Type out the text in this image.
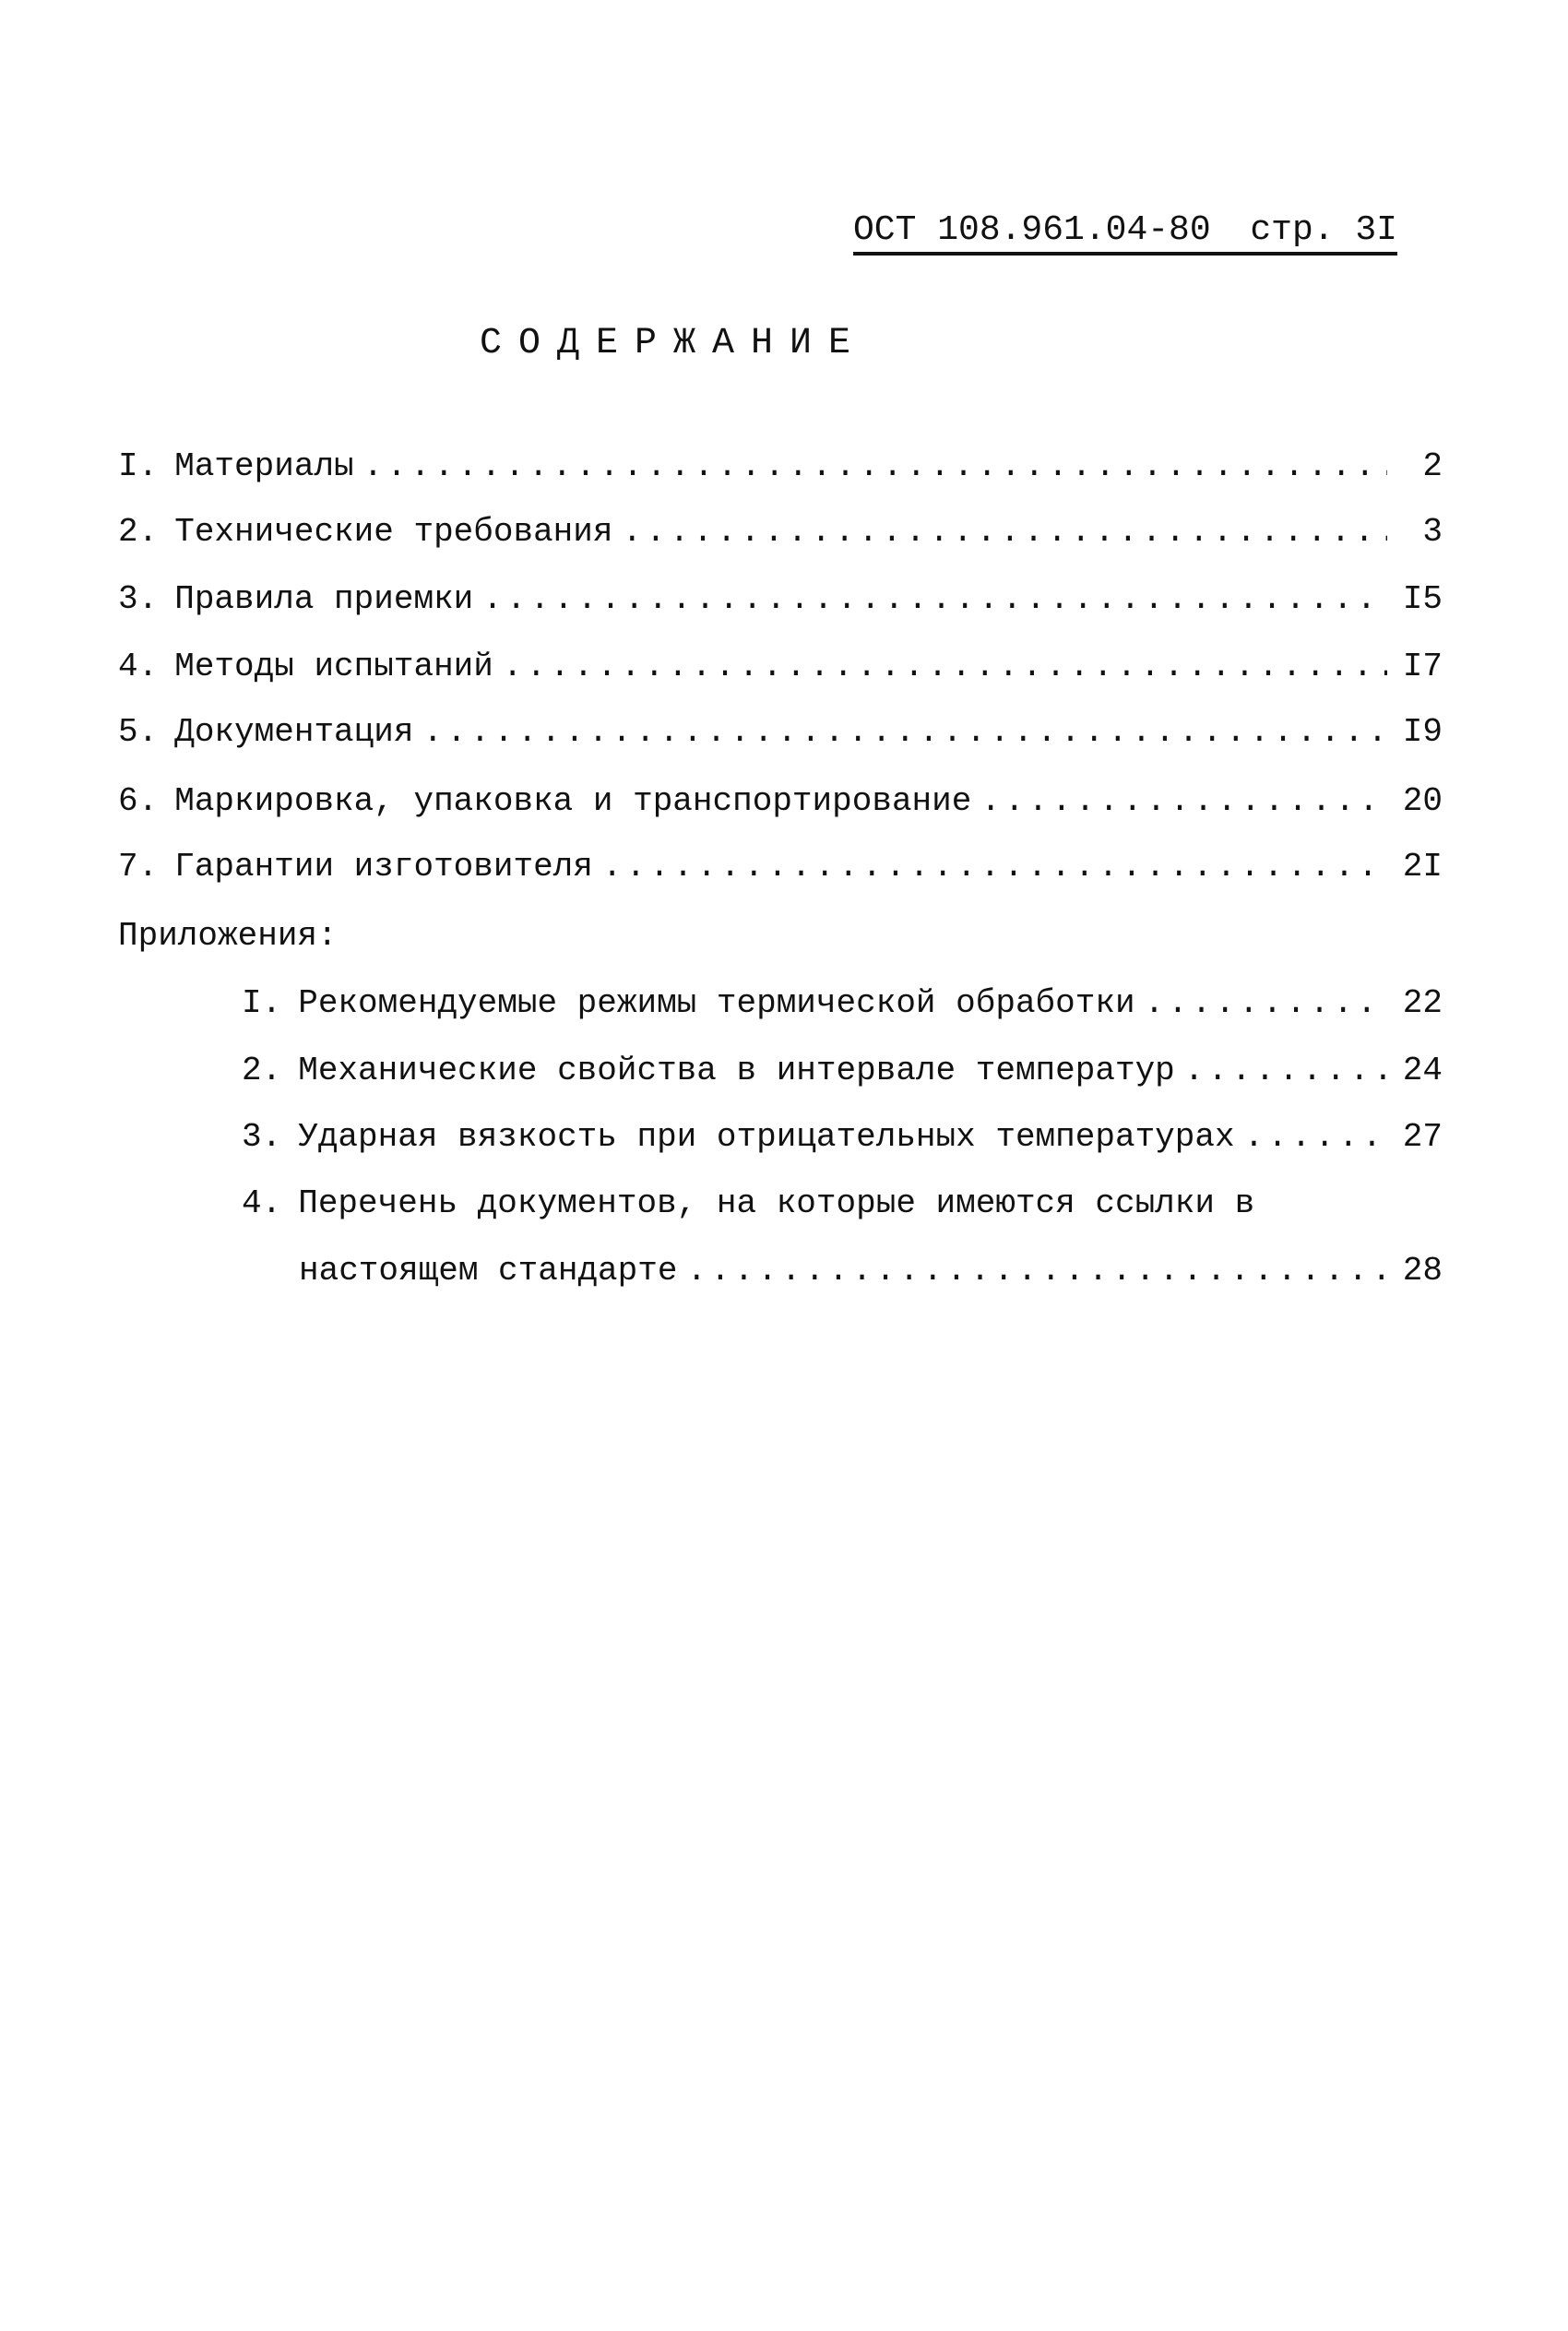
ОСТ 108.961.04-80 стр. 3I
СОДЕРЖАНИЕ
I. Материалы .....	2
2. Технические требования .....	3
3. Правила приемки .....	I5
4. Методы испытаний .....	I7
5. Документация .....	I9
6. Маркировка, упаковка и транспортирование .....	20
7. Гарантии изготовителя .....	2I
Приложения:
I. Рекомендуемые режимы термической обработки .....	22
2. Механические свойства в интервале температур .....	24
3. Ударная вязкость при отрицательных температурах .....	27
4. Перечень документов, на которые имеются ссылки в
настоящем стандарте .....	28
